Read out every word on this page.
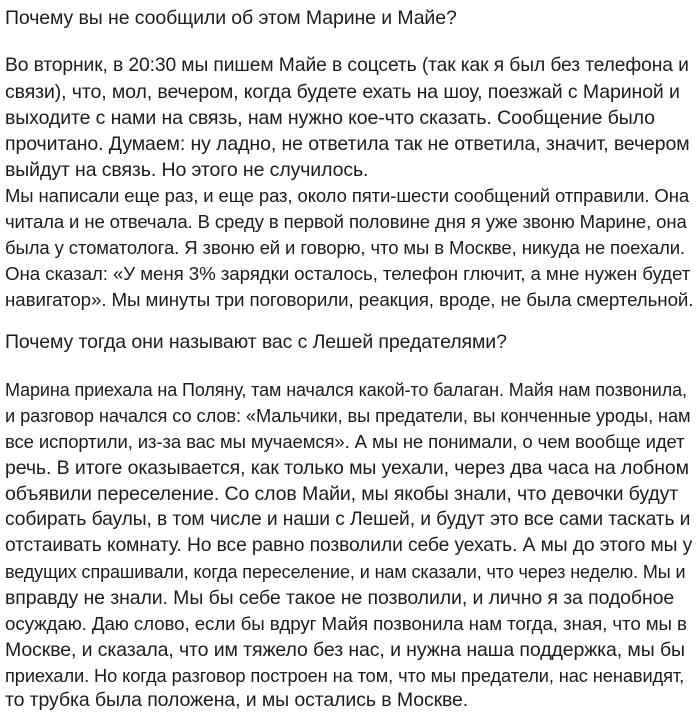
Почему вы не сообщили об этом Марине и Майе?
Во вторник, в 20:30 мы пишем Майе в соцсеть (так как я был без телефона и
связи), что, мол, вечером, когда будете ехать на шоу, поезжай с Мариной и
выходите с нами на связь, нам нужно кое-что сказать. Сообщение было
прочитано. Думаем: ну ладно, не ответила так не ответила, значит, вечером
выйдут на связь. Но этого не случилось.
Мы написали еще раз, и еще раз, около пяти-шести сообщений отправили. Она
читала и не отвечала. В среду в первой половине дня я уже звоню Марине, она
была у стоматолога. Я звоню ей и говорю, что мы в Москве, никуда не поехали.
Она сказал: «У меня 3% зарядки осталось, телефон глючит, а мне нужен будет
навигатор». Мы минуты три поговорили, реакция, вроде, не была смертельной.
Почему тогда они называют вас с Лешей предателями?
Марина приехала на Поляну, там начался какой-то балаган. Майя нам позвонила,
и разговор начался со слов: «Мальчики, вы предатели, вы конченные уроды, нам
все испортили, из-за вас мы мучаемся». А мы не понимали, о чем вообще идет
речь. В итоге оказывается, как только мы уехали, через два часа на лобном
объявили переселение. Со слов Майи, мы якобы знали, что девочки будут
собирать баулы, в том числе и наши с Лешей, и будут это все сами таскать и
отстаивать комнату. Но все равно позволили себе уехать. А мы до этого мы у
ведущих спрашивали, когда переселение, и нам сказали, что через неделю. Мы и
вправду не знали. Мы бы себе такое не позволили, и лично я за подобное
осуждаю. Даю слово, если бы вдруг Майя позвонила нам тогда, зная, что мы в
Москве, и сказала, что им тяжело без нас, и нужна наша поддержка, мы бы
приехали. Но когда разговор построен на том, что мы предатели, нас ненавидят,
то трубка была положена, и мы остались в Москве.
